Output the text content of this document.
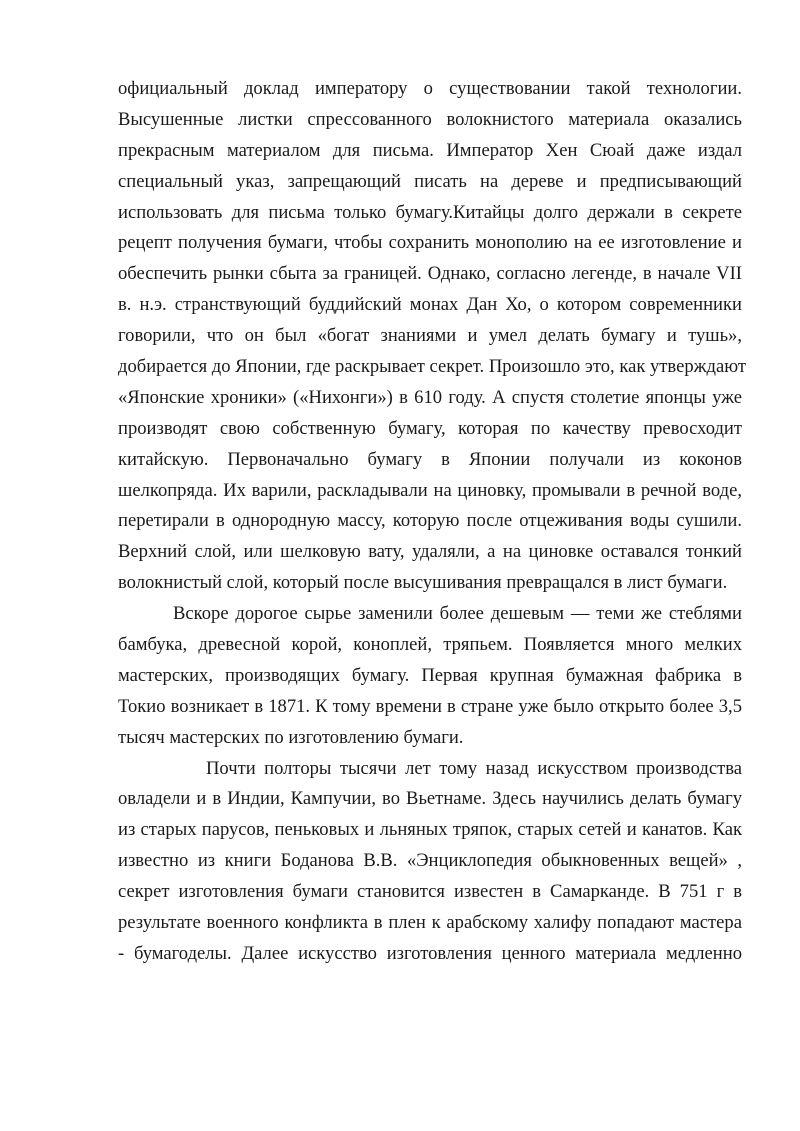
официальный доклад императору о существовании такой технологии.
Высушенные листки спрессованного волокнистого материала оказались
прекрасным материалом для письма. Император Хен Сюай даже издал
специальный указ, запрещающий писать на дереве и предписывающий
использовать для письма только бумагу.Китайцы долго держали в секрете
рецепт получения бумаги, чтобы сохранить монополию на ее изготовление и
обеспечить рынки сбыта за границей. Однако, согласно легенде, в начале VII
в. н.э. странствующий буддийский монах Дан Хо, о котором современники
говорили, что он был «богат знаниями и умел делать бумагу и тушь»,
добирается до Японии, где раскрывает секрет. Произошло это, как утверждают
«Японские хроники» («Нихонги») в 610 году. А спустя столетие японцы уже
производят свою собственную бумагу, которая по качеству превосходит
китайскую. Первоначально бумагу в Японии получали из коконов
шелкопряда. Их варили, раскладывали на циновку, промывали в речной воде,
перетирали в однородную массу, которую после отцеживания воды сушили.
Верхний слой, или шелковую вату, удаляли, а на циновке оставался тонкий
волокнистый слой, который после высушивания превращался в лист бумаги.
Вскоре дорогое сырье заменили более дешевым — теми же стеблями
бамбука, древесной корой, коноплей, тряпьем. Появляется много мелких
мастерских, производящих бумагу. Первая крупная бумажная фабрика в
Токио возникает в 1871. К тому времени в стране уже было открыто более 3,5
тысяч мастерских по изготовлению бумаги.
Почти полторы тысячи лет тому назад искусством производства
овладели и в Индии, Кампучии, во Вьетнаме. Здесь научились делать бумагу
из старых парусов, пеньковых и льняных тряпок, старых сетей и канатов. Как
известно из книги Боданова В.В. «Энциклопедия обыкновенных вещей» ,
секрет изготовления бумаги становится известен в Самарканде. В 751 г в
результате военного конфликта в плен к арабскому халифу попадают мастера
- бумагоделы. Далее искусство изготовления ценного материала медленно
